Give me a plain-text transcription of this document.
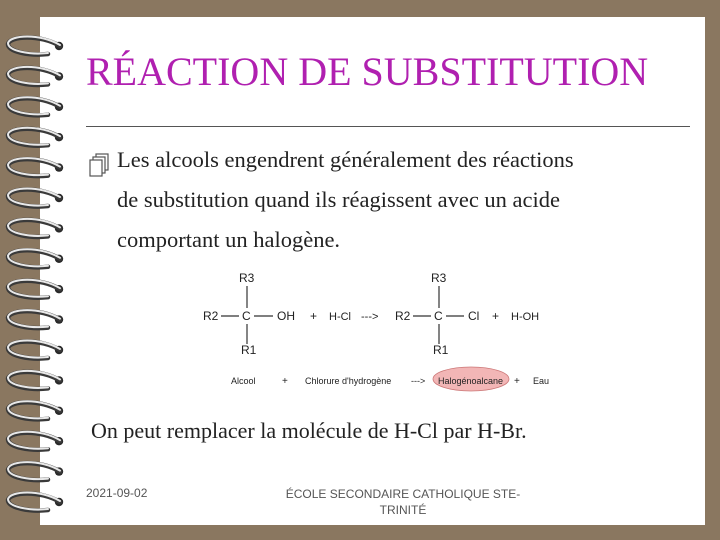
RÉACTION DE SUBSTITUTION
Les alcools engendrent généralement des réactions
de substitution quand ils réagissent avec un acide
comportant un halogène.
R3
R2 C OH
R1
+ H-Cl --->
R3
R2 C Cl
R1
+ H-OH
Alcool	+ Chlorure d'hydrogène ---> Halogénoalcane + Eau
On peut remplacer la molécule de H-Cl par H-Br.
2021-09-02	ÉCOLE SECONDAIRE CATHOLIQUE STE-
TRINITÉ
